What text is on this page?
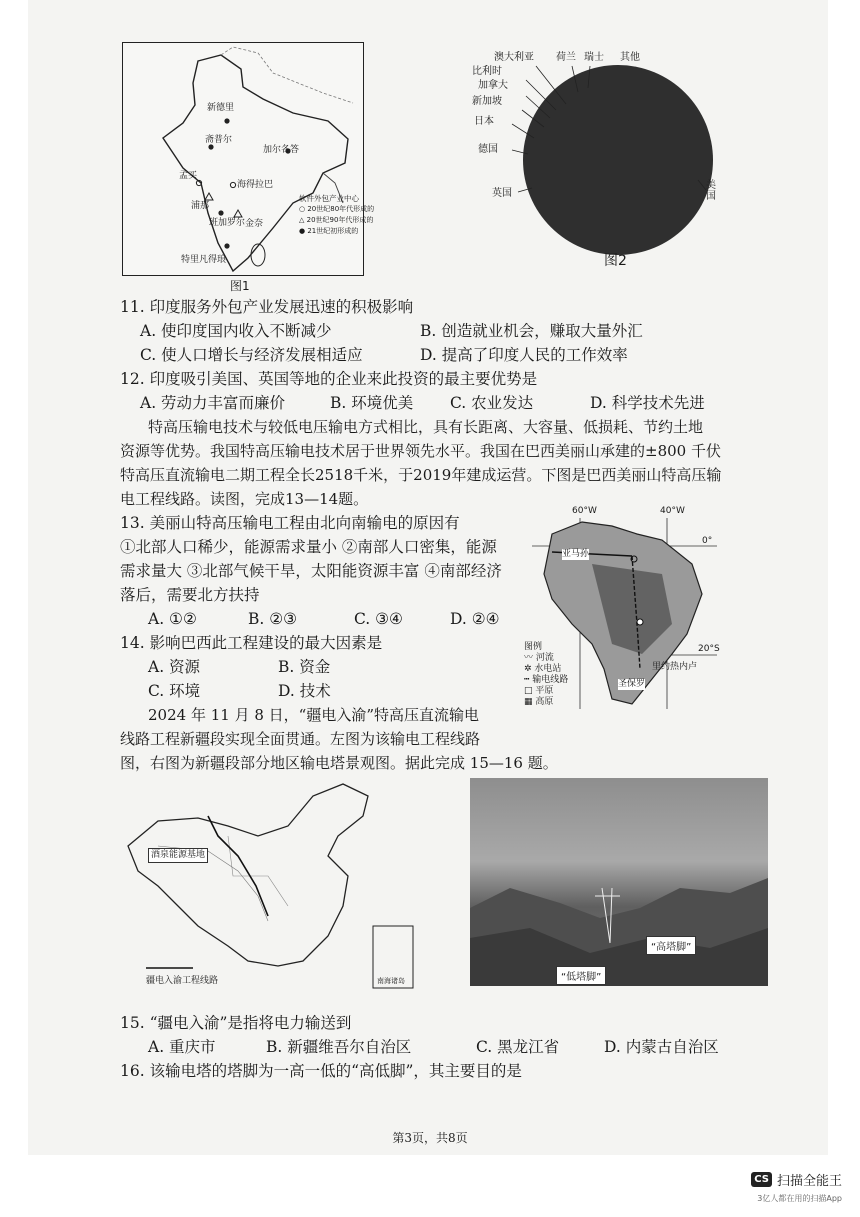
新德里
斋普尔
加尔各答
孟买
海得拉巴
浦那
班加罗尔 金奈
特里凡得琅
软件外包产业中心
○ 20世纪80年代形成的
△ 20世纪90年代形成的
● 21世纪初形成的
图1
澳大利亚 荷兰 瑞士 其他
比利时
加拿大
新加坡
日本
德国
英国
美国
图2
11. 印度服务外包产业发展迅速的积极影响
A. 使印度国内收入不断减少	B. 创造就业机会，赚取大量外汇
C. 使人口增长与经济发展相适应	D. 提高了印度人民的工作效率
12. 印度吸引美国、英国等地的企业来此投资的最主要优势是
A. 劳动力丰富而廉价	B. 环境优美 C. 农业发达	D. 科学技术先进
特高压输电技术与较低电压输电方式相比，具有长距离、大容量、低损耗、节约土地
资源等优势。我国特高压输电技术居于世界领先水平。我国在巴西美丽山承建的±800 千伏
特高压直流输电二期工程全长2518千米，于2019年建成运营。下图是巴西美丽山特高压输
电工程线路。读图，完成13—14题。
13. 美丽山特高压输电工程由北向南输电的原因有
①北部人口稀少，能源需求量小 ②南部人口密集，能源
需求量大 ③北部气候干旱，太阳能资源丰富 ④南部经济
落后，需要北方扶持
A. ①②	B. ②③	C. ③④	D. ②④
14. 影响巴西此工程建设的最大因素是
A. 资源	B. 资金
C. 环境	D. 技术
60°W	40°W
0°
20°S
亚马孙
里约热内卢
圣保罗
图例
〰 河流
✲ 水电站
┅ 输电线路
□ 平原
▦ 高原
2024 年 11 月 8 日，“疆电入渝”特高压直流输电
线路工程新疆段实现全面贯通。左图为该输电工程线路
图，右图为新疆段部分地区输电塔景观图。据此完成 15—16 题。
酒泉能源基地
疆电入渝工程线路	南海诸岛
“高塔脚”
“低塔脚”
15. “疆电入渝”是指将电力输送到
A. 重庆市	B. 新疆维吾尔自治区	C. 黑龙江省	D. 内蒙古自治区
16. 该输电塔的塔脚为一高一低的“高低脚”，其主要目的是
第3页，共8页
CS 扫描全能王
3亿人都在用的扫描App
